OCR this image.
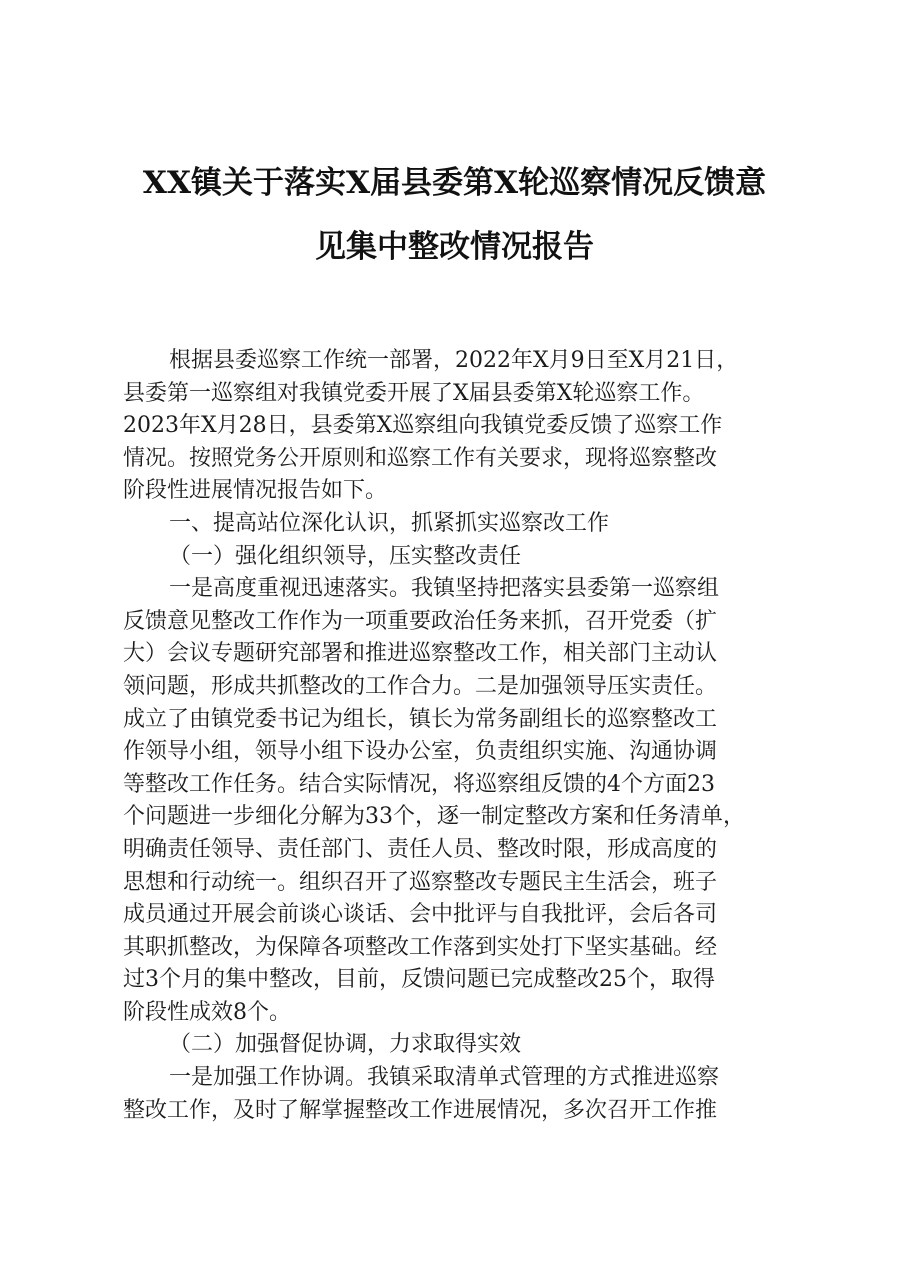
XX镇关于落实X届县委第X轮巡察情况反馈意
见集中整改情况报告
根据县委巡察工作统一部署，2022年X月9日至X月21日，
县委第一巡察组对我镇党委开展了X届县委第X轮巡察工作。
2023年X月28日，县委第X巡察组向我镇党委反馈了巡察工作
情况。按照党务公开原则和巡察工作有关要求，现将巡察整改
阶段性进展情况报告如下。
一、提高站位深化认识，抓紧抓实巡察改工作
（一）强化组织领导，压实整改责任
一是高度重视迅速落实。我镇坚持把落实县委第一巡察组
反馈意见整改工作作为一项重要政治任务来抓，召开党委（扩
大）会议专题研究部署和推进巡察整改工作，相关部门主动认
领问题，形成共抓整改的工作合力。二是加强领导压实责任。
成立了由镇党委书记为组长，镇长为常务副组长的巡察整改工
作领导小组，领导小组下设办公室，负责组织实施、沟通协调
等整改工作任务。结合实际情况，将巡察组反馈的4个方面23
个问题进一步细化分解为33个，逐一制定整改方案和任务清单，
明确责任领导、责任部门、责任人员、整改时限，形成高度的
思想和行动统一。组织召开了巡察整改专题民主生活会，班子
成员通过开展会前谈心谈话、会中批评与自我批评，会后各司
其职抓整改，为保障各项整改工作落到实处打下坚实基础。经
过3个月的集中整改，目前，反馈问题已完成整改25个，取得
阶段性成效8个。
（二）加强督促协调，力求取得实效
一是加强工作协调。我镇采取清单式管理的方式推进巡察
整改工作，及时了解掌握整改工作进展情况，多次召开工作推
